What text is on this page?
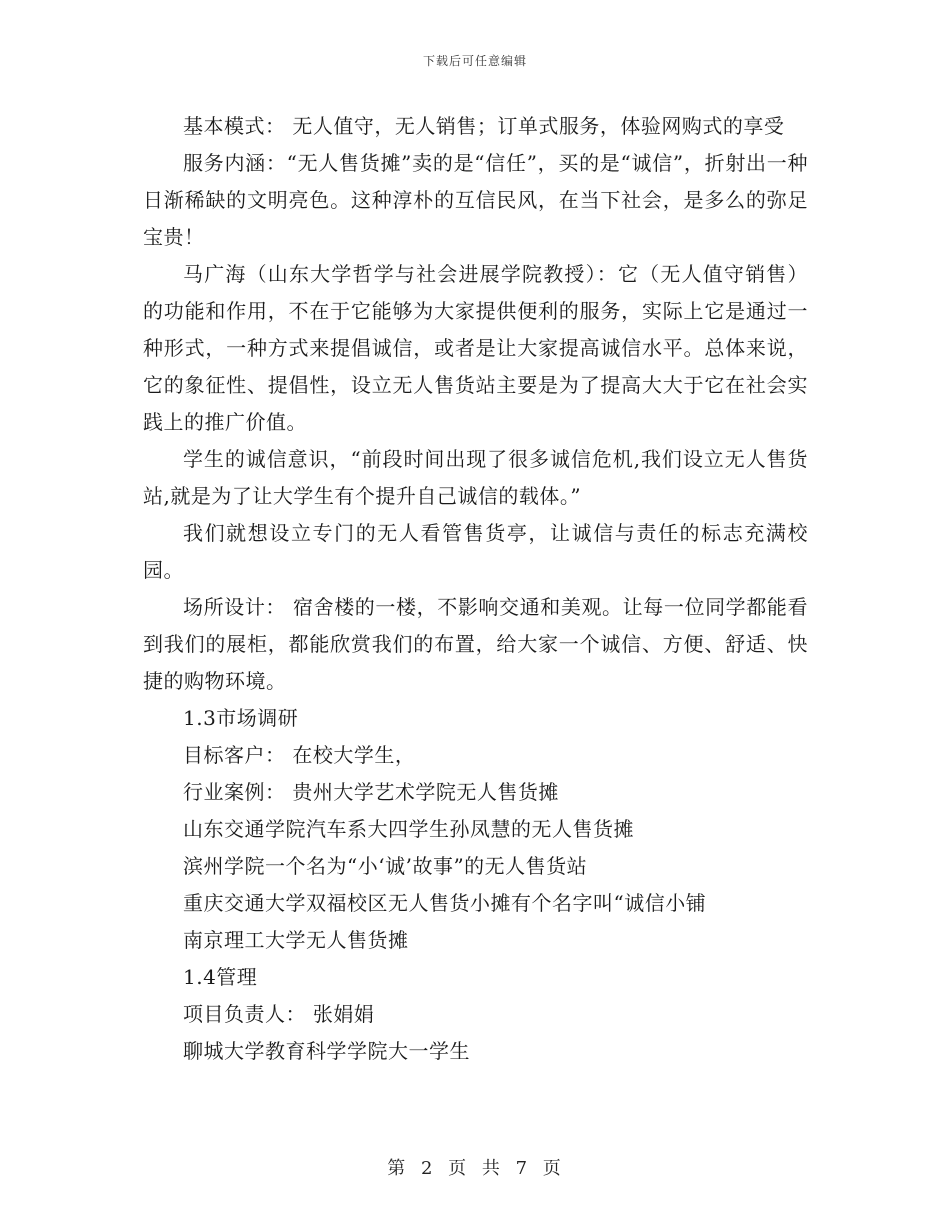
下载后可任意编辑

基本模式： 无人值守，无人销售；订单式服务，体验网购式的享受

服务内涵：“无人售货摊”卖的是“信任”，买的是“诚信”，折射出一种日渐稀缺的文明亮色。这种淳朴的互信民风，在当下社会，是多么的弥足宝贵！

马广海（山东大学哲学与社会进展学院教授）：它（无人值守销售）的功能和作用，不在于它能够为大家提供便利的服务，实际上它是通过一种形式，一种方式来提倡诚信，或者是让大家提高诚信水平。总体来说，它的象征性、提倡性，设立无人售货站主要是为了提高大大于它在社会实践上的推广价值。

学生的诚信意识，“前段时间出现了很多诚信危机,我们设立无人售货站,就是为了让大学生有个提升自己诚信的载体。”

我们就想设立专门的无人看管售货亭，让诚信与责任的标志充满校园。

场所设计： 宿舍楼的一楼，不影响交通和美观。让每一位同学都能看到我们的展柜，都能欣赏我们的布置，给大家一个诚信、方便、舒适、快捷的购物环境。

1.3市场调研

目标客户： 在校大学生，

行业案例： 贵州大学艺术学院无人售货摊

山东交通学院汽车系大四学生孙凤慧的无人售货摊

滨州学院一个名为“小‘诚’故事”的无人售货站

重庆交通大学双福校区无人售货小摊有个名字叫“诚信小铺

南京理工大学无人售货摊

1.4管理

项目负责人： 张娟娟

聊城大学教育科学学院大一学生

第 2 页 共 7 页
